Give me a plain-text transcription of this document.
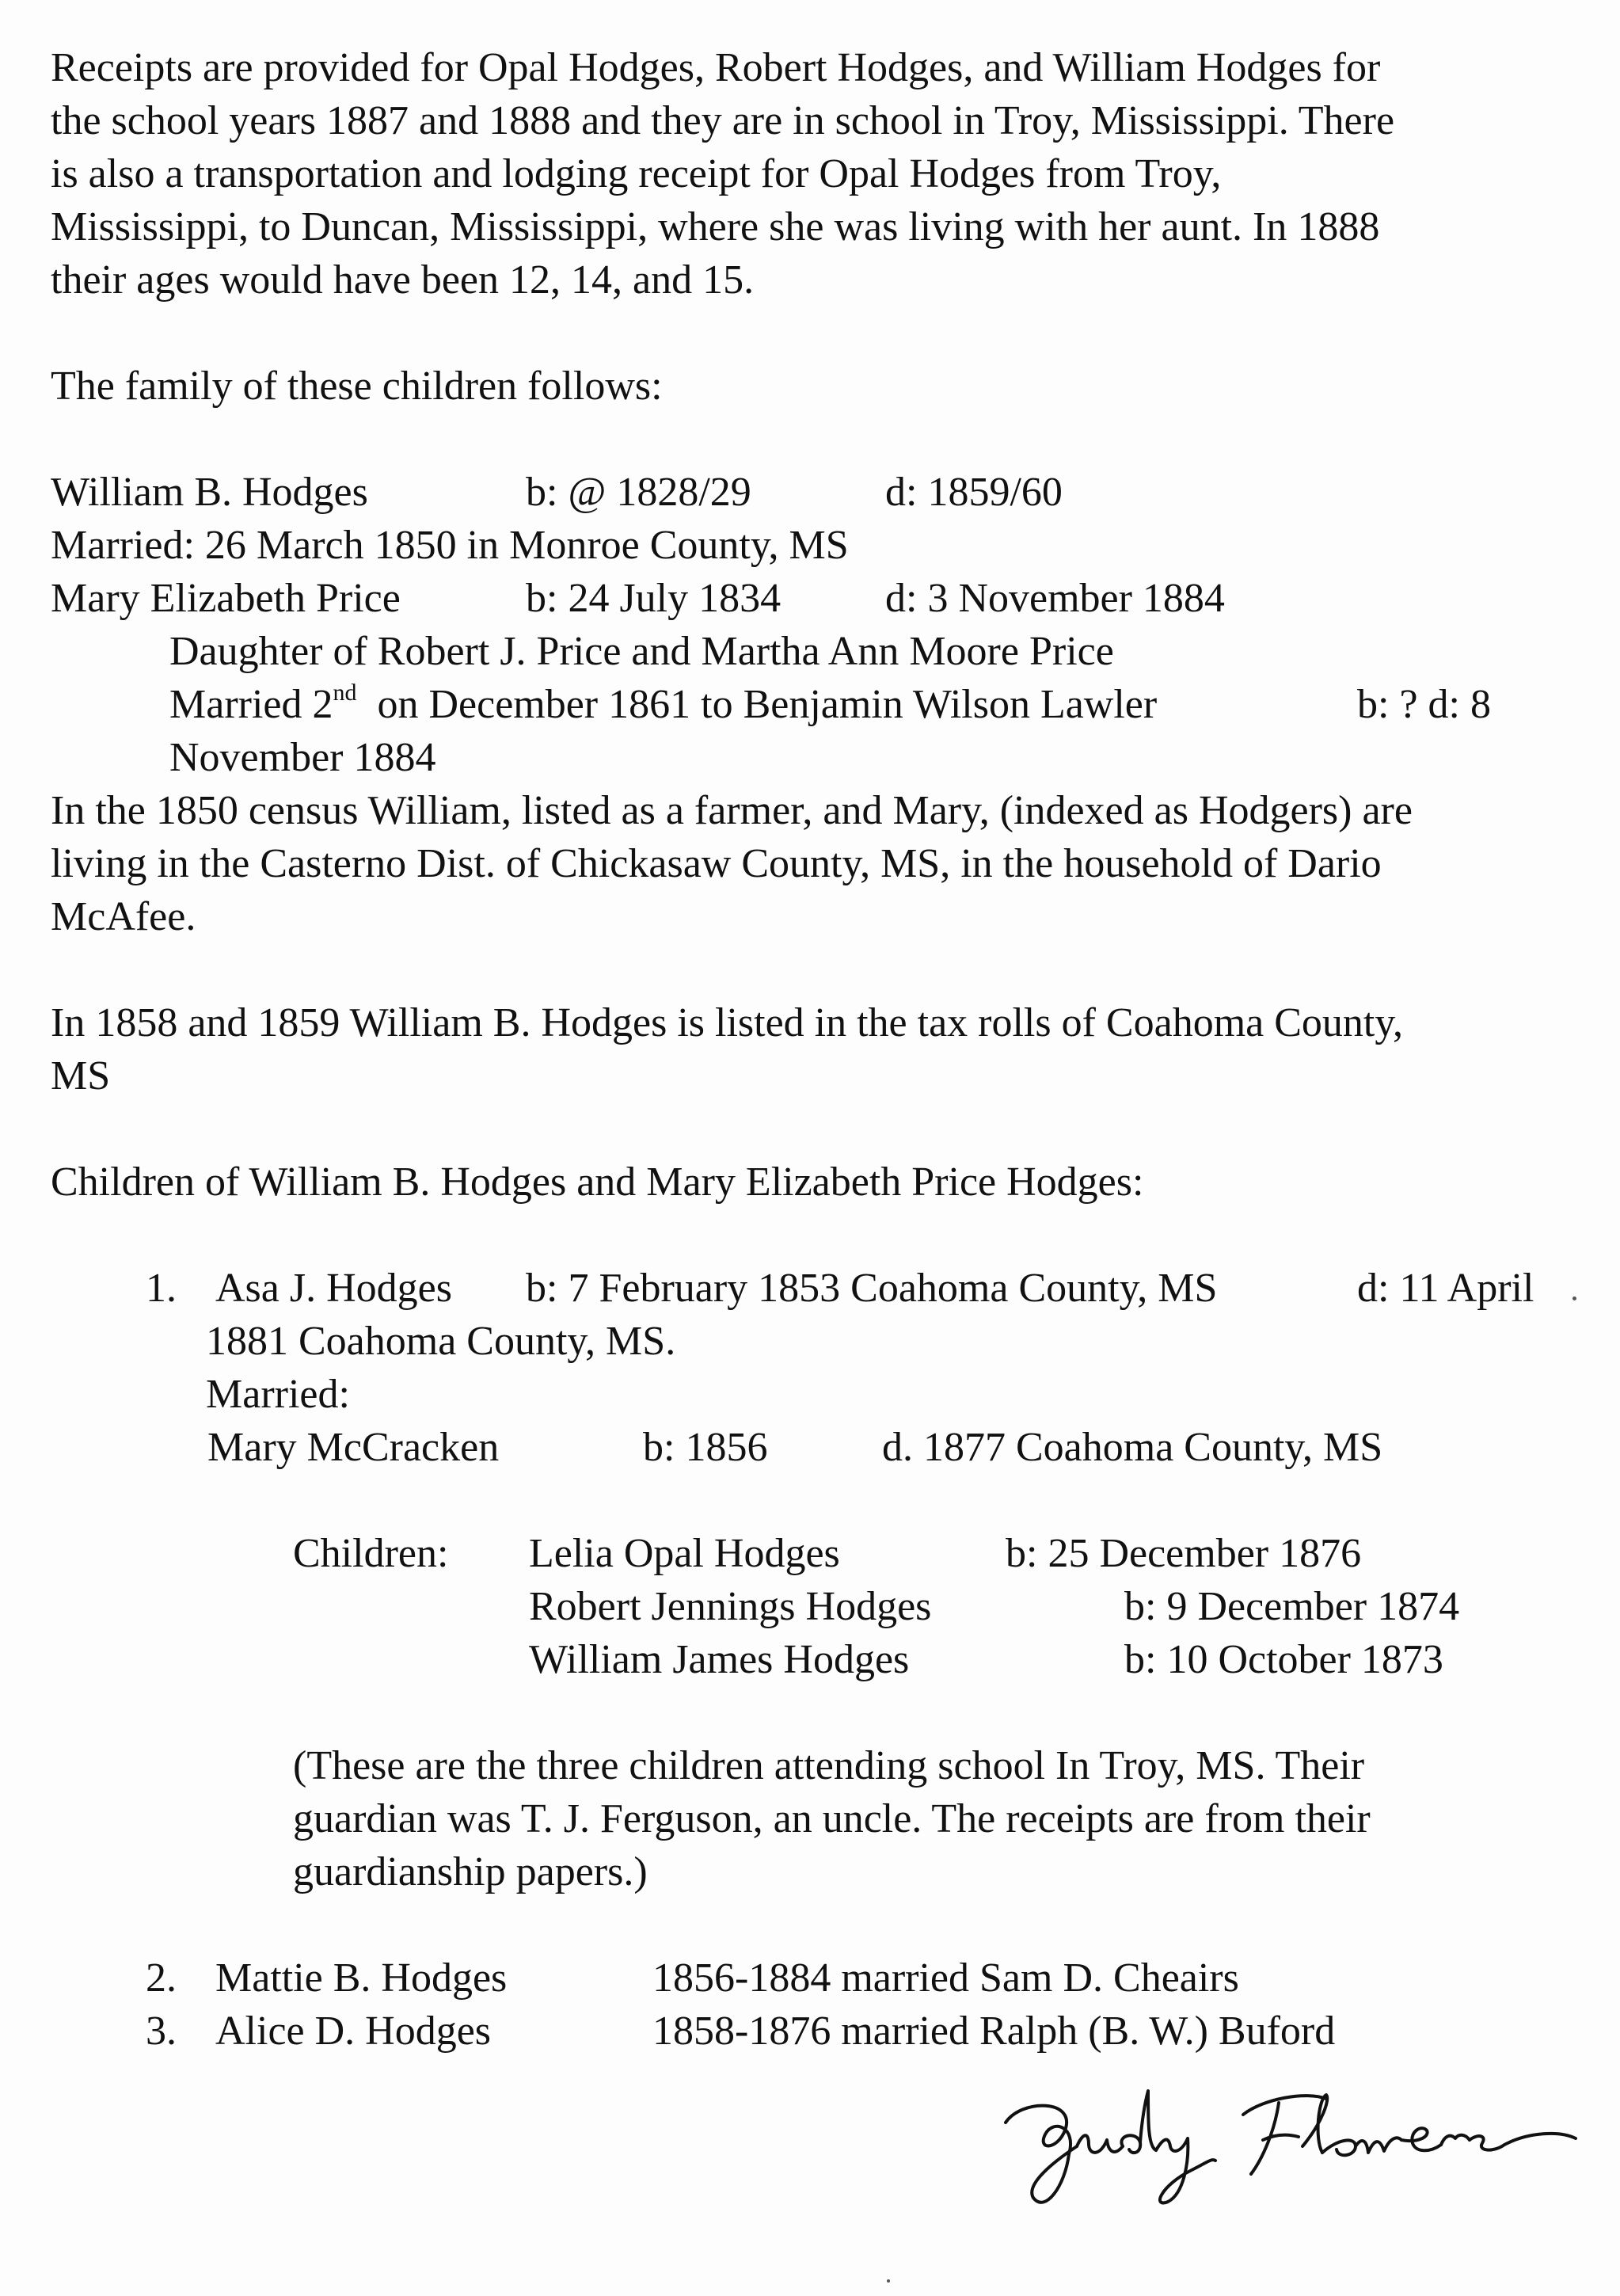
Receipts are provided for Opal Hodges, Robert Hodges, and William Hodges for

the school years 1887 and 1888 and they are in school in Troy, Mississippi. There

is also a transportation and lodging receipt for Opal Hodges from Troy,

Mississippi, to Duncan, Mississippi, where she was living with her aunt. In 1888

their ages would have been 12, 14, and 15.

The family of these children follows:

William B. Hodges	b: @ 1828/29	d: 1859/60

Married: 26 March 1850 in Monroe County, MS

Mary Elizabeth Price	b: 24 July 1834	d: 3 November 1884

Daughter of Robert J. Price and Martha Ann Moore Price

Married 2nd on December 1861 to Benjamin Wilson Lawler	b: ? d: 8

November 1884

In the 1850 census William, listed as a farmer, and Mary, (indexed as Hodgers) are

living in the Casterno Dist. of Chickasaw County, MS, in the household of Dario

McAfee.

In 1858 and 1859 William B. Hodges is listed in the tax rolls of Coahoma County,

MS

Children of William B. Hodges and Mary Elizabeth Price Hodges:

1. Asa J. Hodges b: 7 February 1853 Coahoma County, MS	d: 11 April

1881 Coahoma County, MS.

Married:

Mary McCracken	b: 1856	d. 1877 Coahoma County, MS
Children: Lelia Opal Hodges	b: 25 December 1876
Robert Jennings Hodges	b: 9 December 1874
William James Hodges	b: 10 October 1873

(These are the three children attending school In Troy, MS. Their

guardian was T. J. Ferguson, an uncle. The receipts are from their

guardianship papers.)

2. Mattie B. Hodges	1856-1884 married Sam D. Cheairs
3. Alice D. Hodges	1858-1876 married Ralph (B. W.) Buford
